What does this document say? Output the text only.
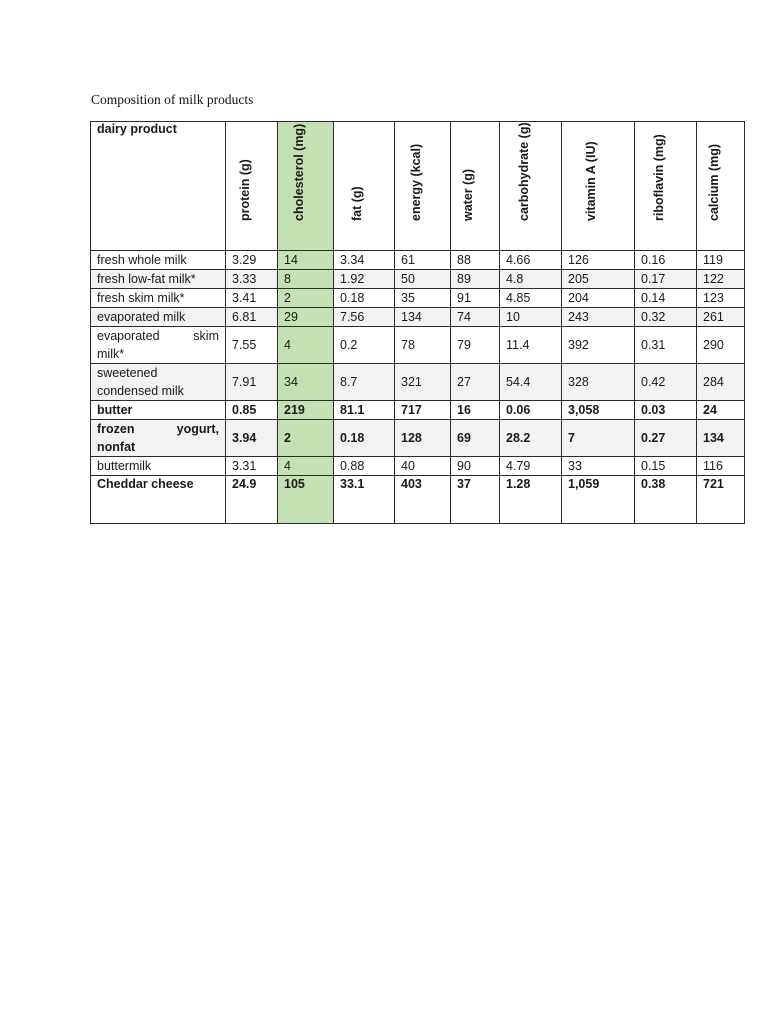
Composition of milk products
dairy product	protein (g)	cholesterol (mg)	fat (g)	energy (kcal)	water (g)	carbohydrate (g)	vitamin A (IU)	riboflavin (mg)	calcium (mg)

fresh whole milk	3.29	14	3.34	61	88	4.66	126	0.16	119
fresh low-fat milk*	3.33	8	1.92	50	89	4.8	205	0.17	122
fresh skim milk*	3.41	2	0.18	35	91	4.85	204	0.14	123
evaporated milk	6.81	29	7.56	134	74	10	243	0.32	261
evaporated skim milk*	7.55	4	0.2	78	79	11.4	392	0.31	290
sweetened condensed milk	7.91	34	8.7	321	27	54.4	328	0.42	284
butter	0.85	219	81.1	717	16	0.06	3,058	0.03	24
frozen yogurt, nonfat	3.94	2	0.18	128	69	28.2	7	0.27	134
buttermilk	3.31	4	0.88	40	90	4.79	33	0.15	116
Cheddar cheese	24.9	105	33.1	403	37	1.28	1,059	0.38	721
